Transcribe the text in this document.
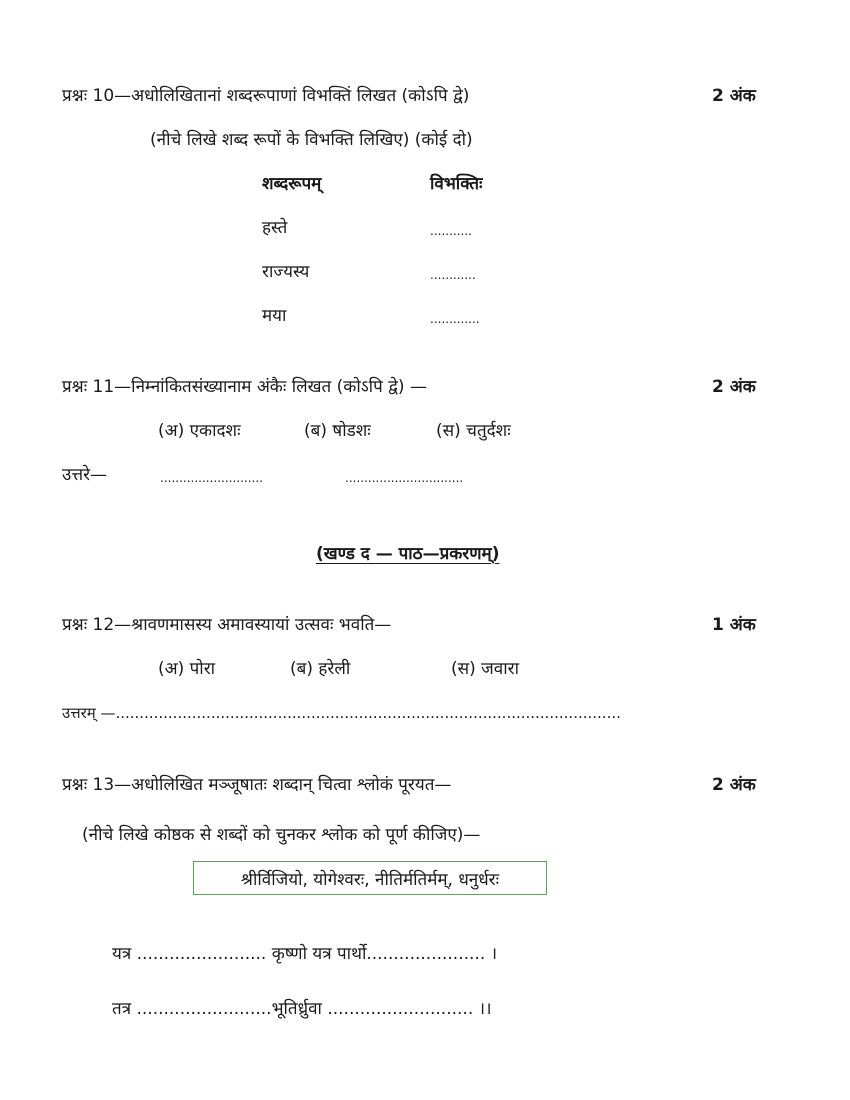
प्रश्नः 10—अधोलिखितानां शब्दरूपाणां विभक्तिं लिखत (कोऽपि द्वे)	2 अंक
(नीचे लिखे शब्द रूपों के विभक्ति लिखिए) (कोई दो)
शब्दरूपम्	विभक्तिः
हस्ते	...........
राज्यस्य	............
मया	.............
प्रश्नः 11—निम्नांकितसंख्यानाम अंकैः लिखत (कोऽपि द्वे) —	2 अंक
(अ) एकादशः	(ब) षोडशः	(स) चतुर्दशः
उत्तरे—	...........................	...............................
(खण्ड द — पाठ—प्रकरणम्)
प्रश्नः 12—श्रावणमासस्य अमावस्यायां उत्सवः भवति—	1 अंक
(अ) पोरा	(ब) हरेली	(स) जवारा
उत्तरम् —..........................................................................................................
प्रश्नः 13—अधोलिखित मञ्जूषातः शब्दान् चित्वा श्लोकं पूरयत—	2 अंक
(नीचे लिखे कोष्ठक से शब्दों को चुनकर श्लोक को पूर्ण कीजिए)—
श्रीर्विजियो, योगेश्वरः, नीतिर्मतिर्मम्, धनुर्धरः
यत्र ........................ कृष्णो यत्र पार्थो...................... ।
तत्र .........................भूतिर्ध्रुवा ........................... ।।
